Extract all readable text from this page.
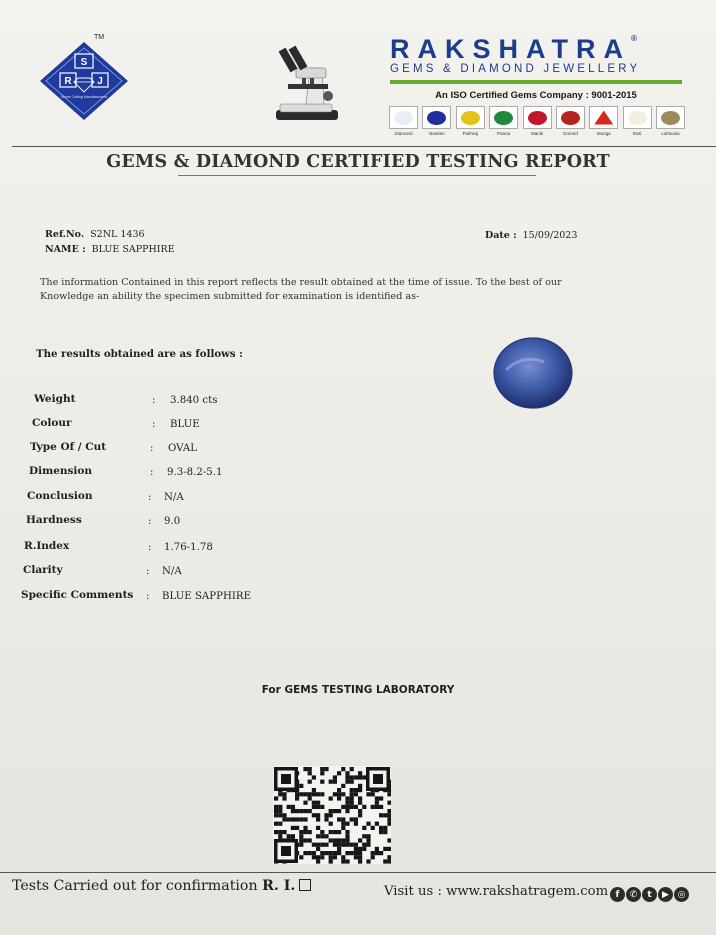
S
R	J
Stone Cutting Manufacturers
TM	RAKSHATRA®
GEMS & DIAMOND JEWELLERY
An ISO Certified Gems Company : 9001-2015
Diamond	Neelam	Pukhraj	Panna	Manik	Gomed	Munga	Moti	Lahsunia
GEMS & DIAMOND CERTIFIED TESTING REPORT
Ref.No. S2NL 1436
NAME : BLUE SAPPHIRE
Date : 15/09/2023
The information Contained in this report reflects the result obtained at the time of issue. To the best of our
Knowledge an ability the specimen submitted for examination is identified as-
The results obtained are as follows :
Weight	: 3.840 cts
Colour	: BLUE
Type Of / Cut	: OVAL
Dimension	: 9.3-8.2-5.1
Conclusion	: N/A
Hardness	: 9.0
R.Index	: 1.76-1.78
Clarity	: N/A
Specific Comments : BLUE SAPPHIRE
For GEMS TESTING LABORATORY
Tests Carried out for confirmation R. I.	Visit us : www.rakshatragem.com f	✆	t	▶ ◎
